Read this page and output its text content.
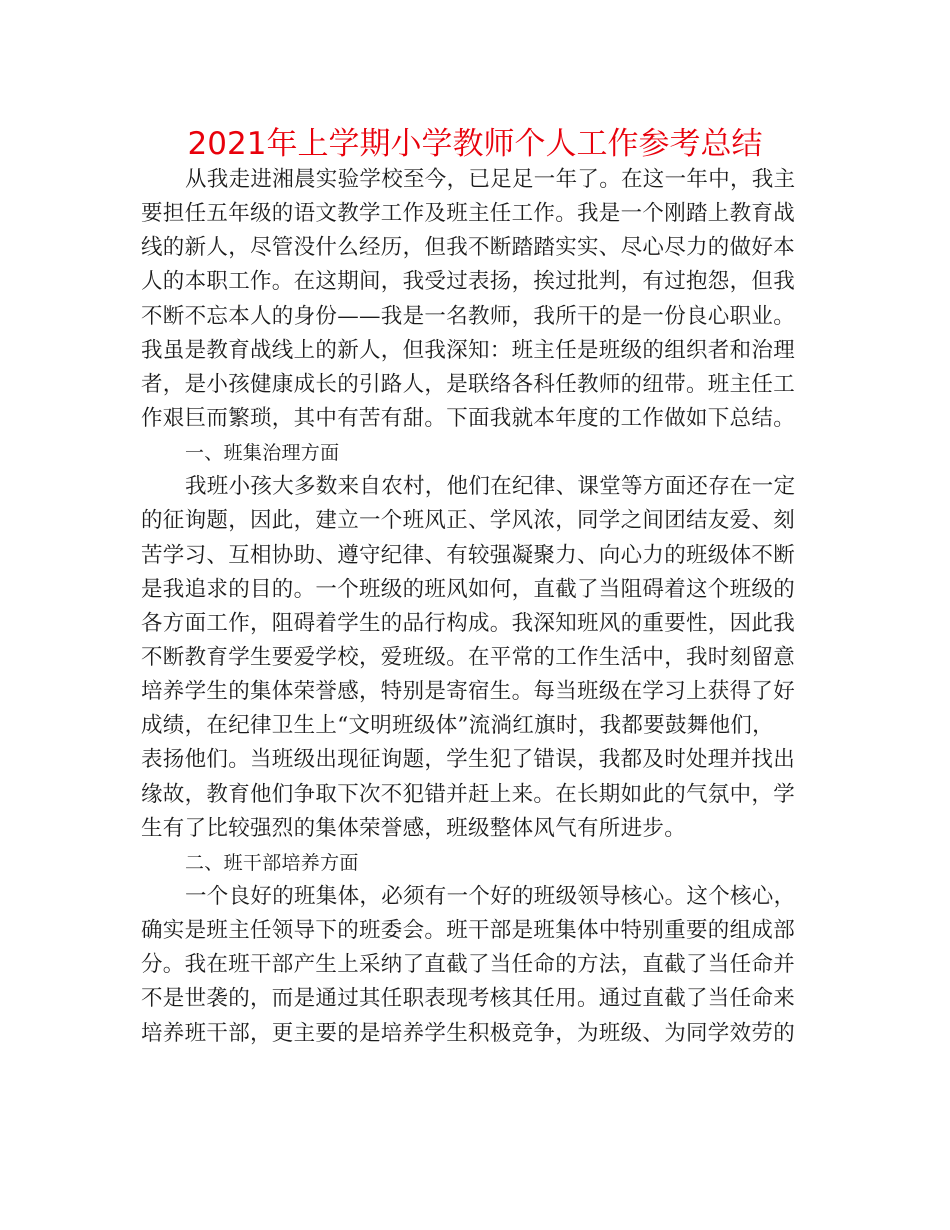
2021年上学期小学教师个人工作参考总结
从我走进湘晨实验学校至今，已足足一年了。在这一年中，我主
要担任五年级的语文教学工作及班主任工作。我是一个刚踏上教育战
线的新人，尽管没什么经历，但我不断踏踏实实、尽心尽力的做好本
人的本职工作。在这期间，我受过表扬，挨过批判，有过抱怨，但我
不断不忘本人的身份——我是一名教师，我所干的是一份良心职业。
我虽是教育战线上的新人，但我深知：班主任是班级的组织者和治理
者，是小孩健康成长的引路人，是联络各科任教师的纽带。班主任工
作艰巨而繁琐，其中有苦有甜。下面我就本年度的工作做如下总结。
一、班集治理方面
我班小孩大多数来自农村，他们在纪律、课堂等方面还存在一定
的征询题，因此，建立一个班风正、学风浓，同学之间团结友爱、刻
苦学习、互相协助、遵守纪律、有较强凝聚力、向心力的班级体不断
是我追求的目的。一个班级的班风如何，直截了当阻碍着这个班级的
各方面工作，阻碍着学生的品行构成。我深知班风的重要性，因此我
不断教育学生要爱学校，爱班级。在平常的工作生活中，我时刻留意
培养学生的集体荣誉感，特别是寄宿生。每当班级在学习上获得了好
成绩，在纪律卫生上“文明班级体”流淌红旗时，我都要鼓舞他们，
表扬他们。当班级出现征询题，学生犯了错误，我都及时处理并找出
缘故，教育他们争取下次不犯错并赶上来。在长期如此的气氛中，学
生有了比较强烈的集体荣誉感，班级整体风气有所进步。
二、班干部培养方面
一个良好的班集体，必须有一个好的班级领导核心。这个核心，
确实是班主任领导下的班委会。班干部是班集体中特别重要的组成部
分。我在班干部产生上采纳了直截了当任命的方法，直截了当任命并
不是世袭的，而是通过其任职表现考核其任用。通过直截了当任命来
培养班干部，更主要的是培养学生积极竞争，为班级、为同学效劳的
